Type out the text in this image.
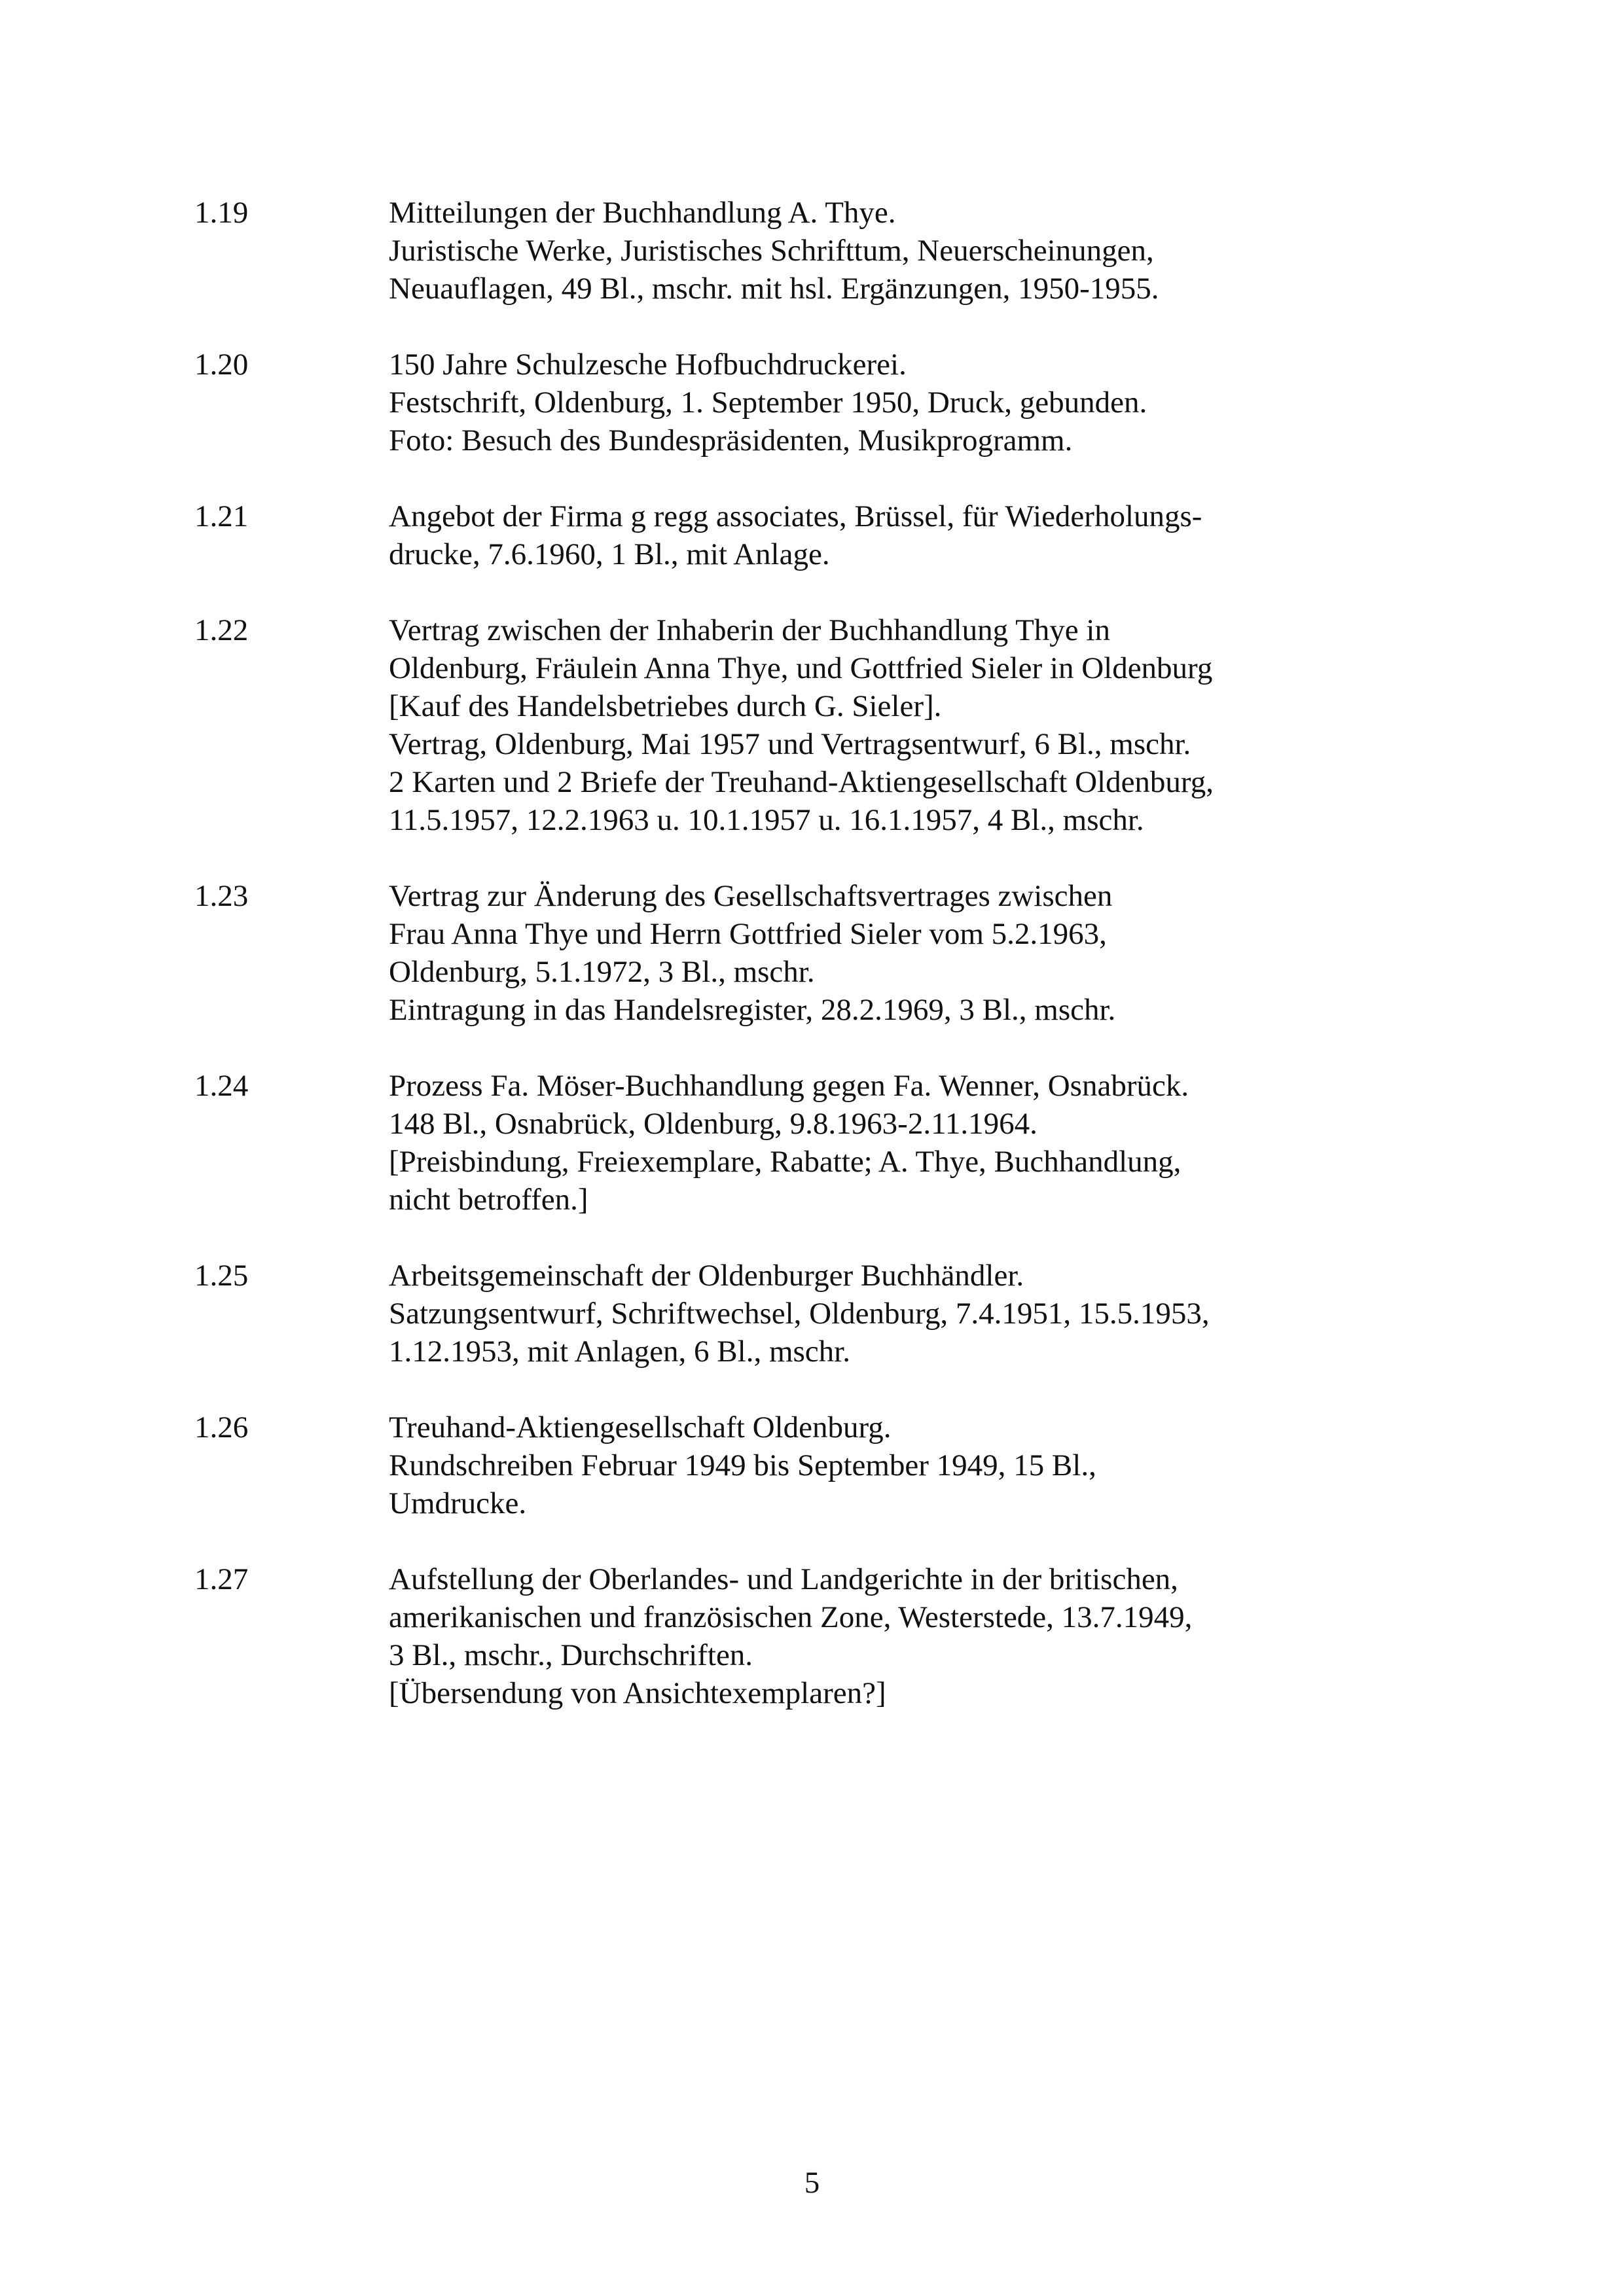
1.19	Mitteilungen der Buchhandlung A. Thye.
Juristische Werke, Juristisches Schrifttum, Neuerscheinungen,
Neuauflagen, 49 Bl., mschr. mit hsl. Ergänzungen, 1950-1955.
1.20	150 Jahre Schulzesche Hofbuchdruckerei.
Festschrift, Oldenburg, 1. September 1950, Druck, gebunden.
Foto: Besuch des Bundespräsidenten, Musikprogramm.
1.21	Angebot der Firma g regg associates, Brüssel, für Wiederholungs-
drucke, 7.6.1960, 1 Bl., mit Anlage.
1.22	Vertrag zwischen der Inhaberin der Buchhandlung Thye in
Oldenburg, Fräulein Anna Thye, und Gottfried Sieler in Oldenburg
[Kauf des Handelsbetriebes durch G. Sieler].
Vertrag, Oldenburg, Mai 1957 und Vertragsentwurf, 6 Bl., mschr.
2 Karten und 2 Briefe der Treuhand-Aktiengesellschaft Oldenburg,
11.5.1957, 12.2.1963 u. 10.1.1957 u. 16.1.1957, 4 Bl., mschr.
1.23	Vertrag zur Änderung des Gesellschaftsvertrages zwischen
Frau Anna Thye und Herrn Gottfried Sieler vom 5.2.1963,
Oldenburg, 5.1.1972, 3 Bl., mschr.
Eintragung in das Handelsregister, 28.2.1969, 3 Bl., mschr.
1.24	Prozess Fa. Möser-Buchhandlung gegen Fa. Wenner, Osnabrück.
148 Bl., Osnabrück, Oldenburg, 9.8.1963-2.11.1964.
[Preisbindung, Freiexemplare, Rabatte; A. Thye, Buchhandlung,
nicht betroffen.]
1.25	Arbeitsgemeinschaft der Oldenburger Buchhändler.
Satzungsentwurf, Schriftwechsel, Oldenburg, 7.4.1951, 15.5.1953,
1.12.1953, mit Anlagen, 6 Bl., mschr.
1.26	Treuhand-Aktiengesellschaft Oldenburg.
Rundschreiben Februar 1949 bis September 1949, 15 Bl.,
Umdrucke.
1.27	Aufstellung der Oberlandes- und Landgerichte in der britischen,
amerikanischen und französischen Zone, Westerstede, 13.7.1949,
3 Bl., mschr., Durchschriften.
[Übersendung von Ansichtexemplaren?]
5
